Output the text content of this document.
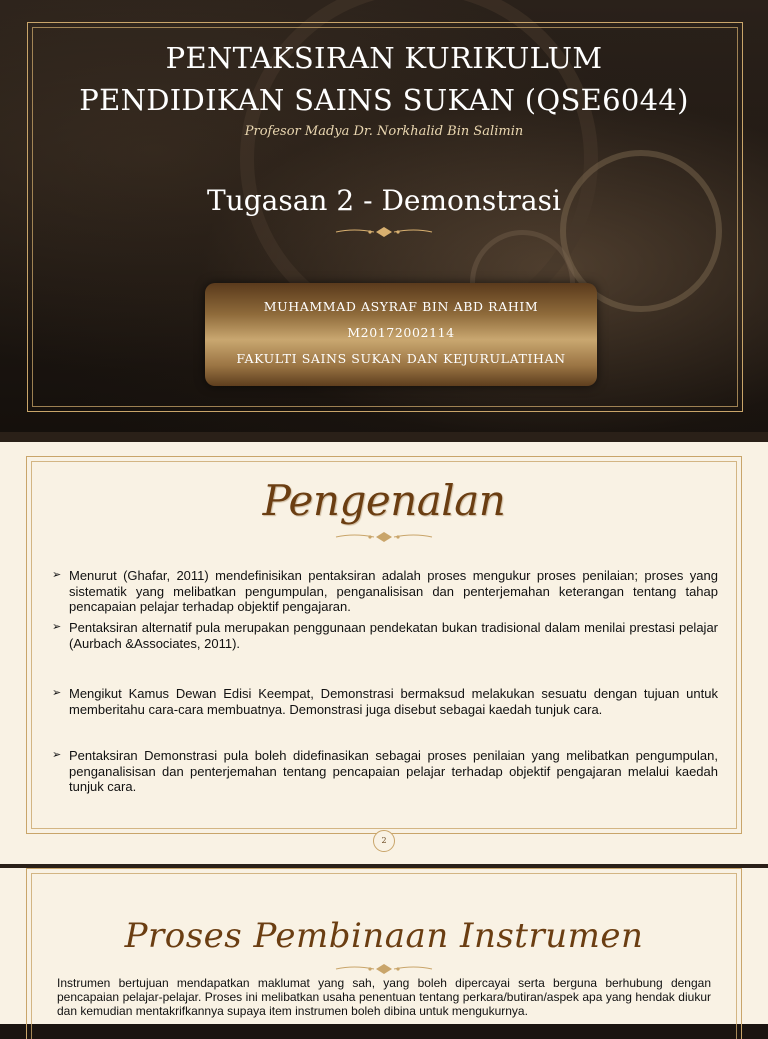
PENTAKSIRAN KURIKULUM
PENDIDIKAN SAINS SUKAN (QSE6044)
Profesor Madya Dr. Norkhalid Bin Salimin
Tugasan 2 - Demonstrasi
MUHAMMAD ASYRAF BIN ABD RAHIM
M20172002114
FAKULTI SAINS SUKAN DAN KEJURULATIHAN
Pengenalan
➢ Menurut (Ghafar, 2011) mendefinisikan pentaksiran adalah proses mengukur proses penilaian; proses yang sistematik yang melibatkan pengumpulan, penganalisisan dan penterjemahan keterangan tentang tahap pencapaian pelajar terhadap objektif pengajaran.
➢ Pentaksiran alternatif pula merupakan penggunaan pendekatan bukan tradisional dalam menilai prestasi pelajar (Aurbach &Associates, 2011).
➢ Mengikut Kamus Dewan Edisi Keempat, Demonstrasi bermaksud melakukan sesuatu dengan tujuan untuk memberitahu cara-cara membuatnya. Demonstrasi juga disebut sebagai kaedah tunjuk cara.
➢ Pentaksiran Demonstrasi pula boleh didefinasikan sebagai proses penilaian yang melibatkan pengumpulan, penganalisisan dan penterjemahan tentang pencapaian pelajar terhadap objektif pengajaran melalui kaedah tunjuk cara.
2
Proses Pembinaan Instrumen
Instrumen bertujuan mendapatkan maklumat yang sah, yang boleh dipercayai serta berguna berhubung dengan pencapaian pelajar-pelajar. Proses ini melibatkan usaha penentuan tentang perkara/butiran/aspek apa yang hendak diukur dan kemudian mentakrifkannya supaya item instrumen boleh dibina untuk mengukurnya.
